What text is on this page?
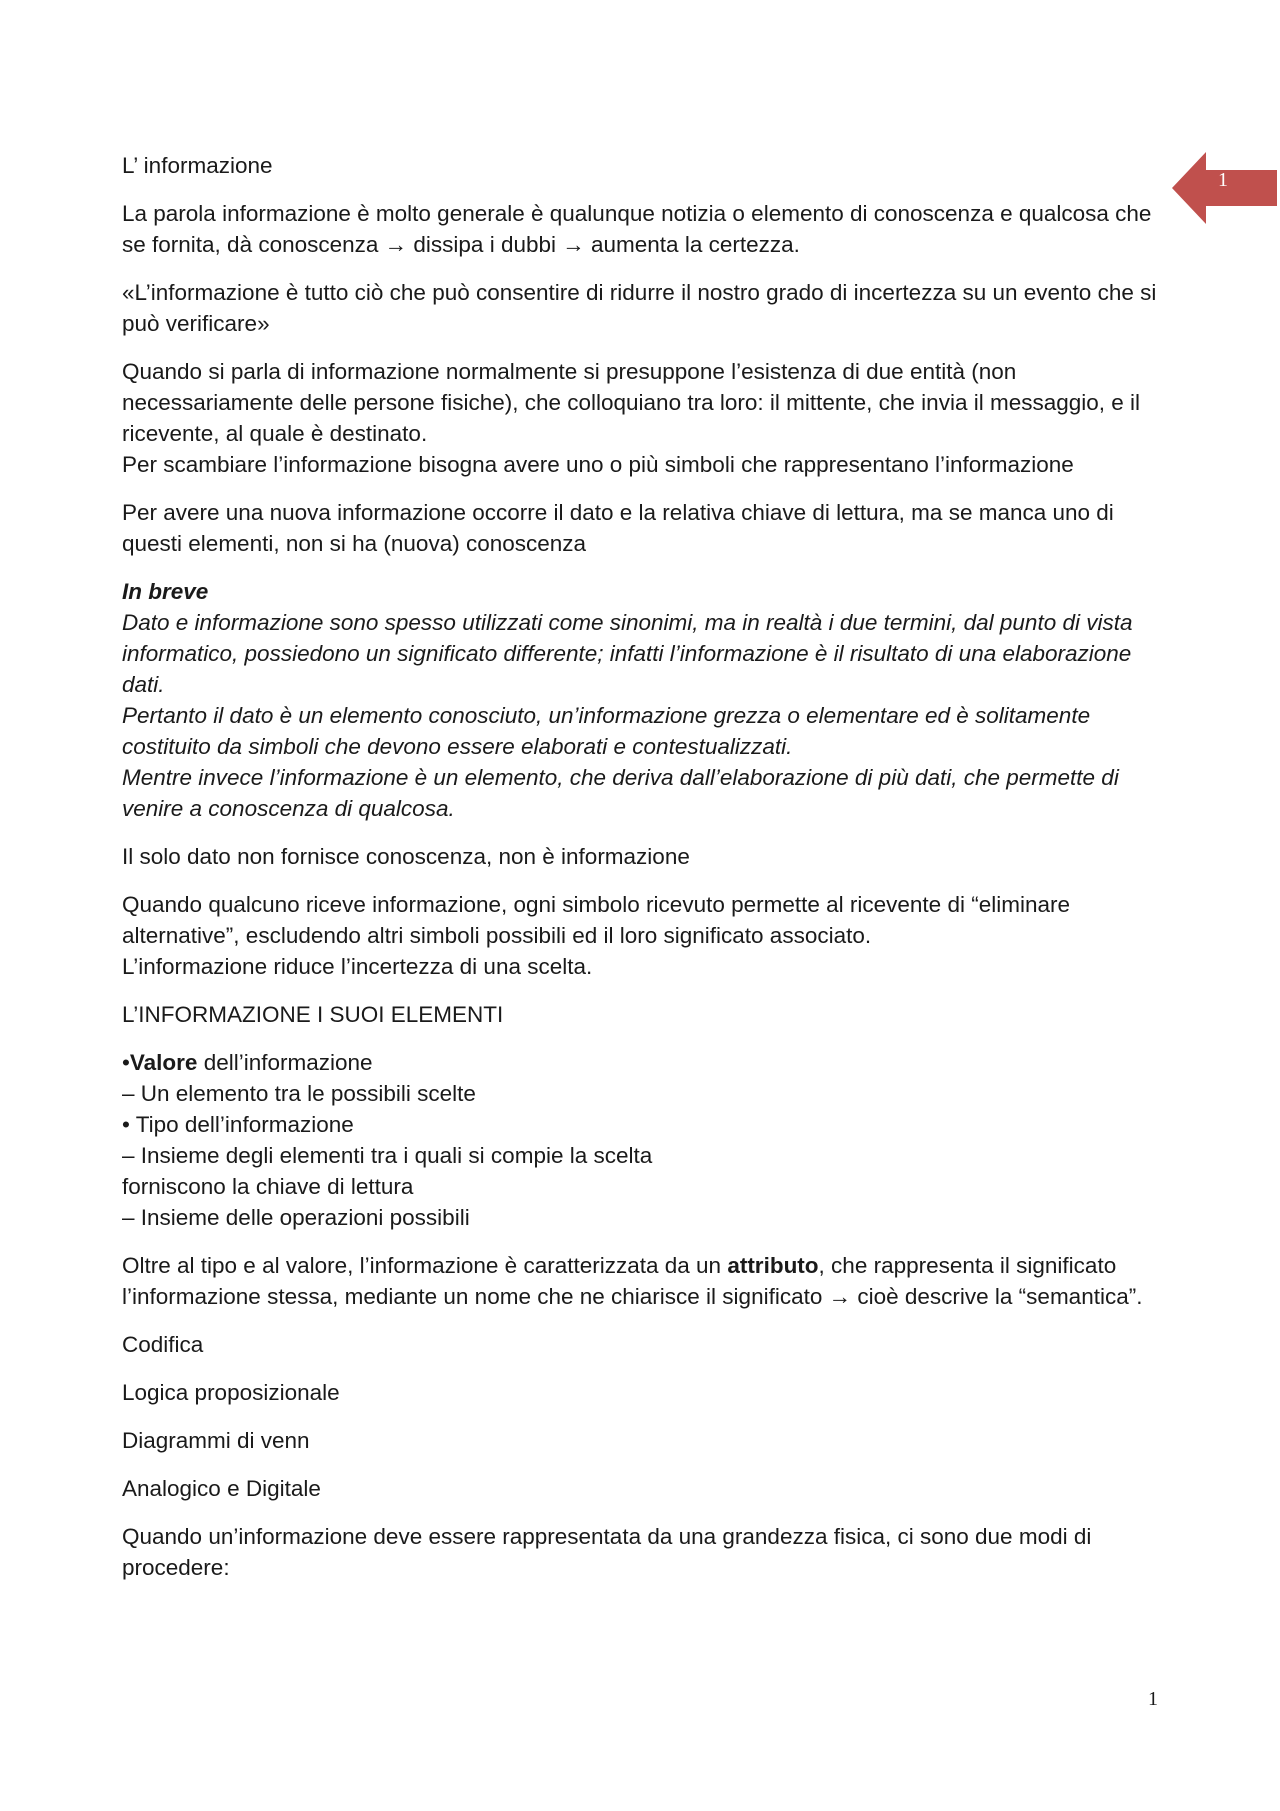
1

L’ informazione

La parola informazione è molto generale è qualunque notizia o elemento di conoscenza e qualcosa che se fornita, dà conoscenza → dissipa i dubbi → aumenta la certezza.

«L’informazione è tutto ciò che può consentire di ridurre il nostro grado di incertezza su un evento che si può verificare»

Quando si parla di informazione normalmente si presuppone l’esistenza di due entità (non necessariamente delle persone fisiche), che colloquiano tra loro: il mittente, che invia il messaggio, e il ricevente, al quale è destinato.
Per scambiare l’informazione bisogna avere uno o più simboli che rappresentano l’informazione

Per avere una nuova informazione occorre il dato e la relativa chiave di lettura, ma se manca uno di questi elementi, non si ha (nuova) conoscenza

In breve
Dato e informazione sono spesso utilizzati come sinonimi, ma in realtà i due termini, dal punto di vista informatico, possiedono un significato differente; infatti l’informazione è il risultato di una elaborazione dati.
Pertanto il dato è un elemento conosciuto, un’informazione grezza o elementare ed è solitamente costituito da simboli che devono essere elaborati e contestualizzati.
Mentre invece l’informazione è un elemento, che deriva dall’elaborazione di più dati, che permette di venire a conoscenza di qualcosa.

Il solo dato non fornisce conoscenza, non è informazione

Quando qualcuno riceve informazione, ogni simbolo ricevuto permette al ricevente di “eliminare alternative”, escludendo altri simboli possibili ed il loro significato associato.
L’informazione riduce l’incertezza di una scelta.

L’INFORMAZIONE I SUOI ELEMENTI

•Valore dell’informazione
– Un elemento tra le possibili scelte
• Tipo dell’informazione
– Insieme degli elementi tra i quali si compie la scelta
forniscono la chiave di lettura
– Insieme delle operazioni possibili

Oltre al tipo e al valore, l’informazione è caratterizzata da un attributo, che rappresenta il significato l’informazione stessa, mediante un nome che ne chiarisce il significato → cioè descrive la “semantica”.

Codifica

Logica proposizionale

Diagrammi di venn

Analogico e Digitale

Quando un’informazione deve essere rappresentata da una grandezza fisica, ci sono due modi di procedere:

1
